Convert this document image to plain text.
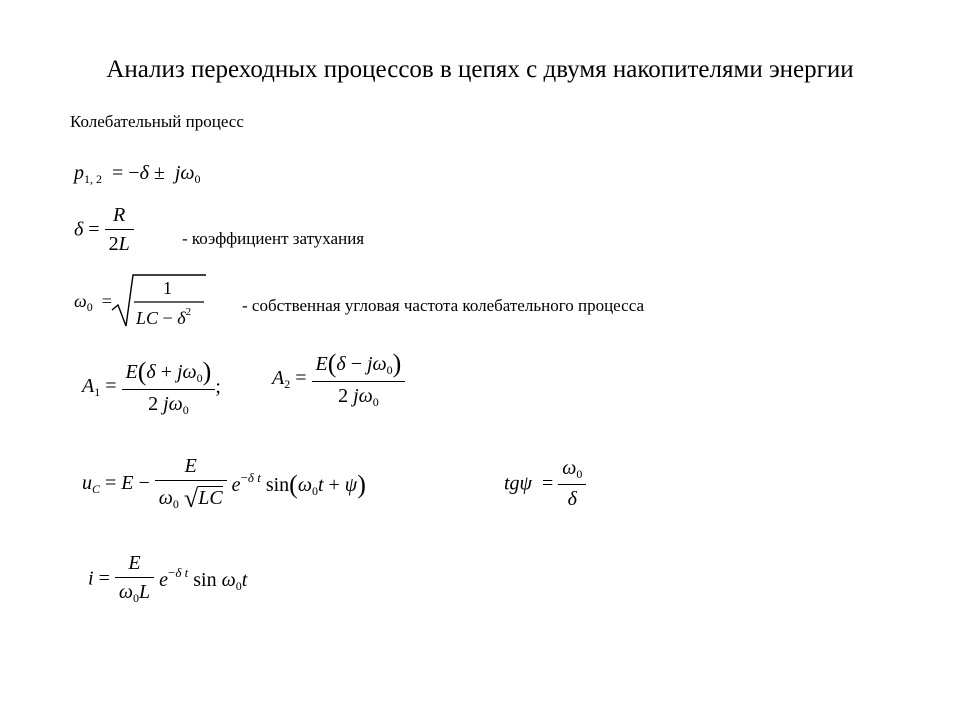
Анализ переходных процессов в цепях с двумя накопителями энергии
Колебательный процесс
$p_{1, 2} = -\delta \pm j\omega_0$
$\delta = \frac{R}{2L}$	- коэффициент затухания
$\omega_0$  =
1
LC − $\delta^2$	- собственная угловая частота колебательного процесса
$A_1 = \frac{E(\delta + j\omega_0)}{2 j\omega_0}$ ;	$A_2 = \frac{E(\delta - j\omega_0)}{2 j\omega_0}$
$u_C = E - \frac{E}{\omega_0 √LC} e^{-\delta t}$ $\sin(\omega_0t + \psi)$	$tg\psi = \frac{\omega_0}{\delta}$
$i = \frac{E}{\omega_0L} e^{-\delta t}$ $\sin \omega_0t$
